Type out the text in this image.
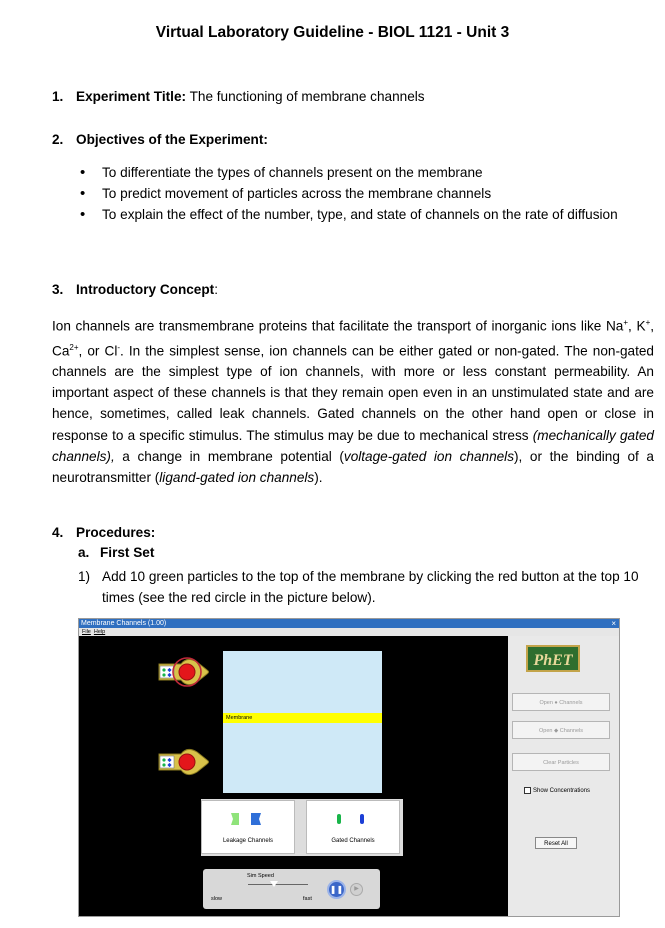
Virtual Laboratory Guideline - BIOL 1121 - Unit 3
1. Experiment Title: The functioning of membrane channels
2. Objectives of the Experiment:
• To differentiate the types of channels present on the membrane
• To predict movement of particles across the membrane channels
• To explain the effect of the number, type, and state of channels on the rate of diffusion
3. Introductory Concept:
Ion channels are transmembrane proteins that facilitate the transport of inorganic ions like Na+, K+, $Ca^{2+}$, or Cl-. In the simplest sense, ion channels can be either gated or non-gated. The non-gated channels are the simplest type of ion channels, with more or less constant permeability. An important aspect of these channels is that they remain open even in an unstimulated state and are hence, sometimes, called leak channels. Gated channels on the other hand open or close in response to a specific stimulus. The stimulus may be due to mechanical stress (mechanically gated channels), a change in membrane potential (voltage-gated ion channels), or the binding of a neurotransmitter (ligand-gated ion channels).
4. Procedures:
a. First Set
1) Add 10 green particles to the top of the membrane by clicking the red button at the top 10 times (see the red circle in the picture below).
Membrane Channels (1.00)	×
File Help
Membrane
Leakage Channels	Gated Channels
Sim Speed
slow	fast
❚❚	▶
PhET
Open ● Channels
Open ◆ Channels
Clear Particles
Show Concentrations
Reset All
